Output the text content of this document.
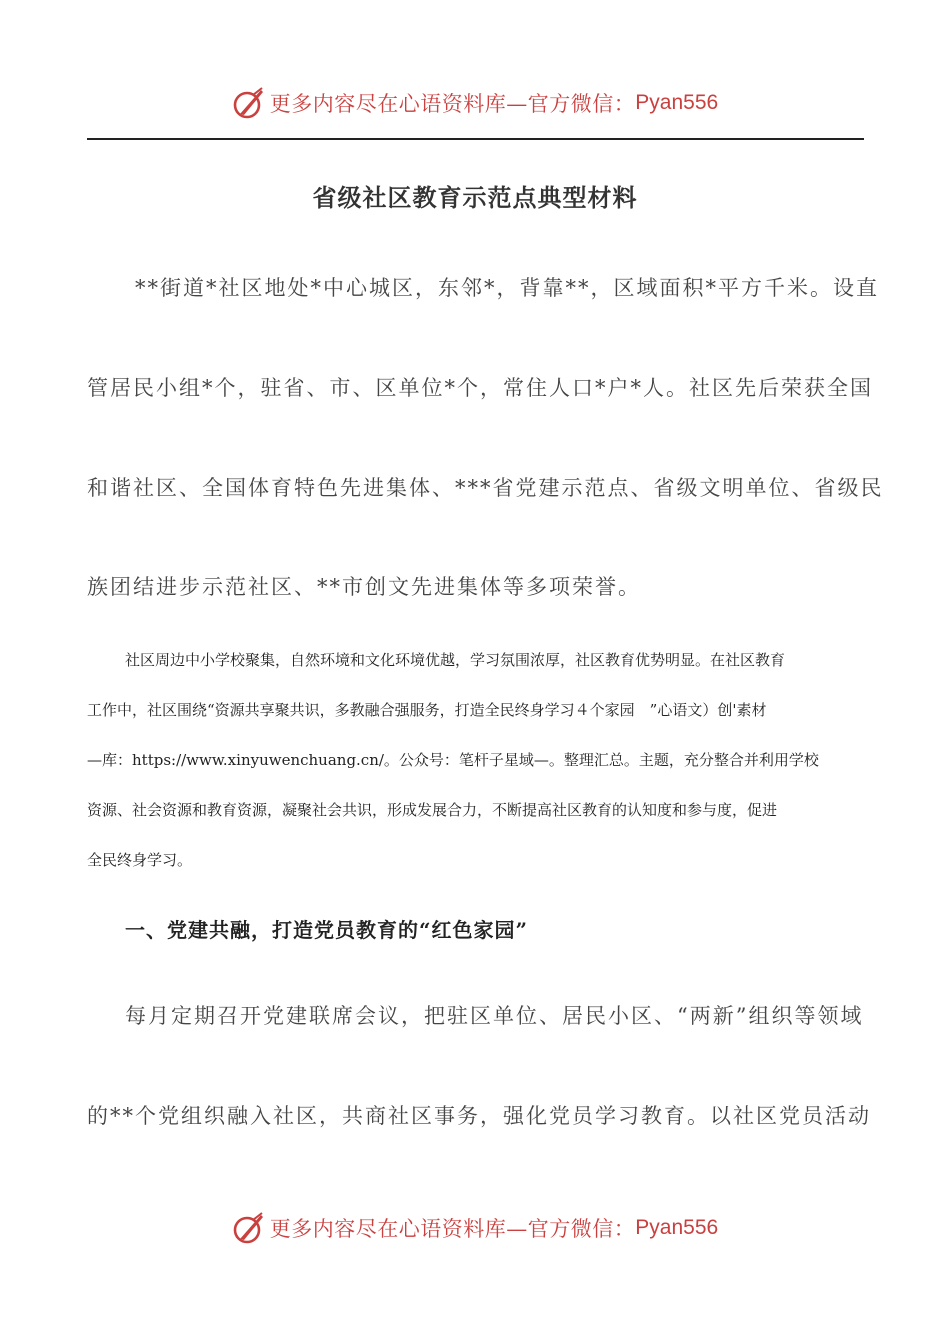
更多内容尽在心语资料库—官方微信： Pyan556
省级社区教育示范点典型材料
**街道*社区地处*中心城区，东邻*，背靠**，区域面积*平方千米。设直
管居民小组*个，驻省、市、区单位*个，常住人口*户*人。社区先后荣获全国
和谐社区、全国体育特色先进集体、***省党建示范点、省级文明单位、省级民
族团结进步示范社区、**市创文先进集体等多项荣誉。
社区周边中小学校聚集，自然环境和文化环境优越，学习氛围浓厚，社区教育优势明显。在社区教育
工作中，社区围绕“资源共享聚共识，多教融合强服务，打造全民终身学习４个家园　”心语文）创'素材
—库：https://www.xinyuwenchuang.cn/。公众号：笔杆子星域—。整理汇总。主题，充分整合并利用学校
资源、社会资源和教育资源，凝聚社会共识，形成发展合力，不断提高社区教育的认知度和参与度，促进
全民终身学习。
一、党建共融，打造党员教育的“红色家园”
每月定期召开党建联席会议，把驻区单位、居民小区、“两新”组织等领域
的**个党组织融入社区，共商社区事务，强化党员学习教育。以社区党员活动
更多内容尽在心语资料库—官方微信： Pyan556
